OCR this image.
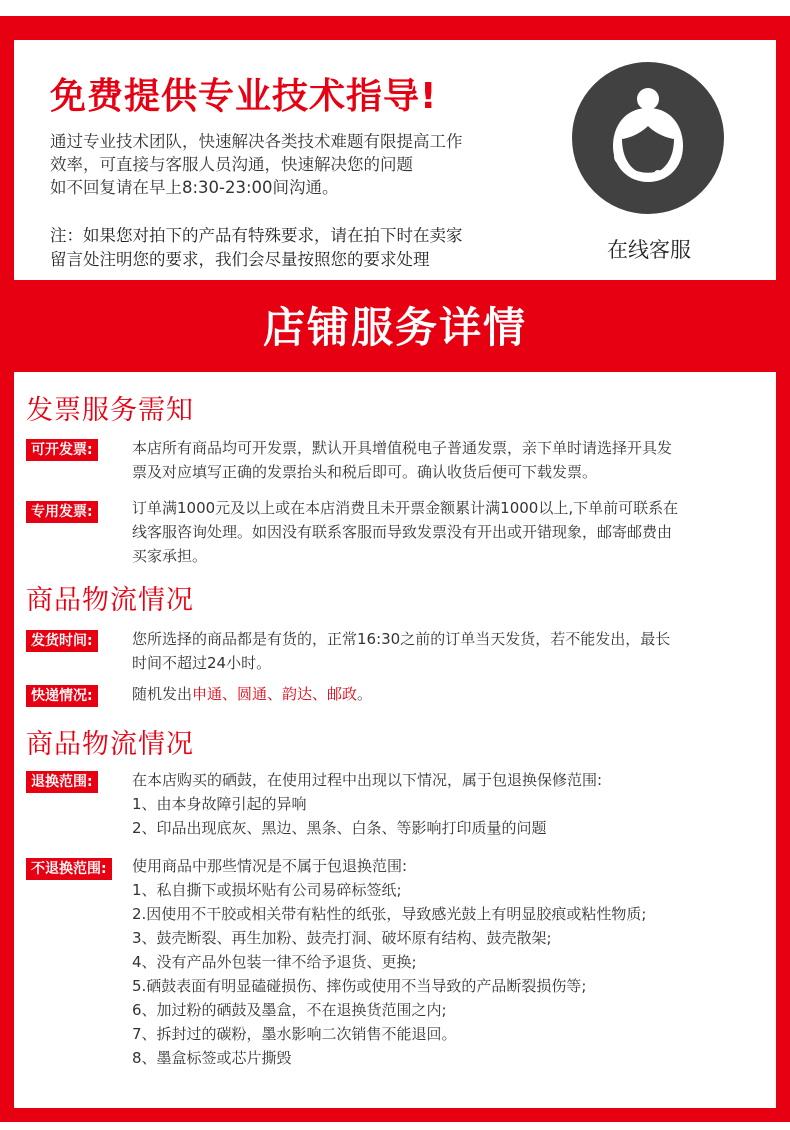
免费提供专业技术指导!
通过专业技术团队，快速解决各类技术难题有限提高工作
效率，可直接与客服人员沟通，快速解决您的问题
如不回复请在早上8:30-23:00间沟通。
注：如果您对拍下的产品有特殊要求，请在拍下时在卖家
留言处注明您的要求，我们会尽量按照您的要求处理	在线客服
店铺服务详情
发票服务需知
可开发票:	本店所有商品均可开发票，默认开具增值税电子普通发票，亲下单时请选择开具发
票及对应填写正确的发票抬头和税后即可。确认收货后便可下载发票。
专用发票:	订单满1000元及以上或在本店消费且未开票金额累计满1000以上,下单前可联系在
线客服咨询处理。如因没有联系客服而导致发票没有开出或开错现象，邮寄邮费由
买家承担。
商品物流情况
发货时间:	您所选择的商品都是有货的，正常16:30之前的订单当天发货，若不能发出，最长
时间不超过24小时。
快递情况:	随机发出申通、圆通、韵达、邮政。
商品物流情况
退换范围:	在本店购买的硒鼓，在使用过程中出现以下情况，属于包退换保修范围:
1、由本身故障引起的异响
2、印品出现底灰、黑边、黑条、白条、等影响打印质量的问题
不退换范围:	使用商品中那些情况是不属于包退换范围:
1、私自撕下或损坏贴有公司易碎标签纸;
2.因使用不干胶或相关带有粘性的纸张，导致感光鼓上有明显胶痕或粘性物质;
3、鼓壳断裂、再生加粉、鼓壳打洞、破坏原有结构、鼓壳散架;
4、没有产品外包装一律不给予退货、更换;
5.硒鼓表面有明显磕碰损伤、摔伤或使用不当导致的产品断裂损伤等;
6、加过粉的硒鼓及墨盒，不在退换货范围之内;
7、拆封过的碳粉，墨水影响二次销售不能退回。
8、墨盒标签或芯片撕毁
